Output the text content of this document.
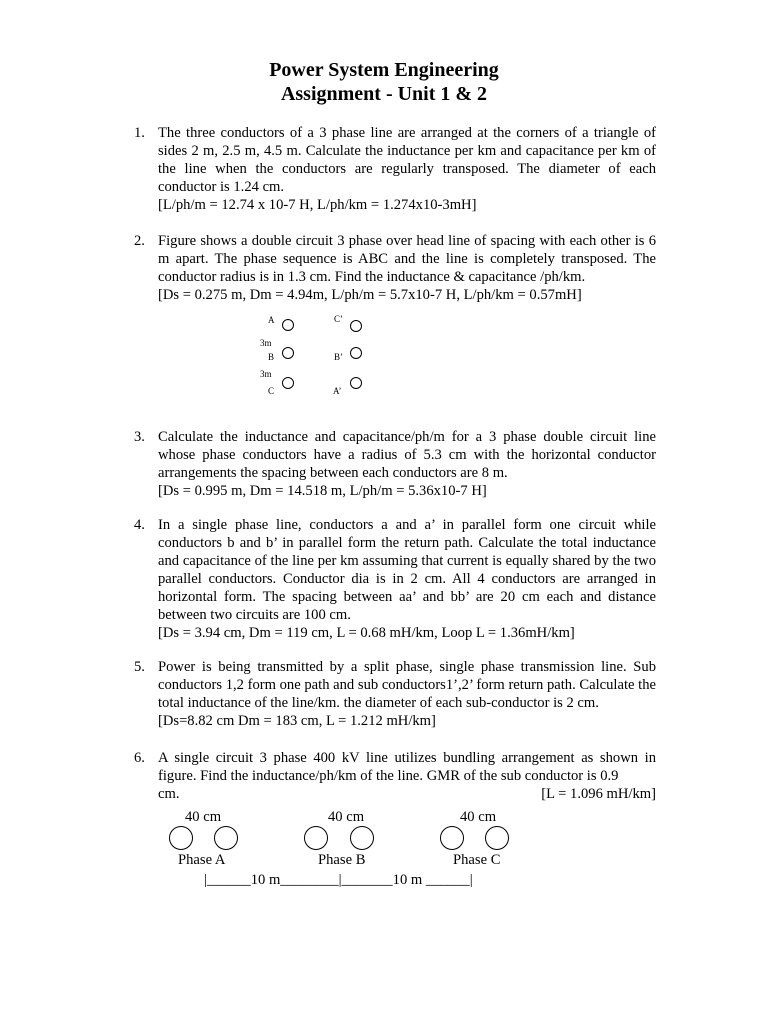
Power System Engineering
Assignment - Unit 1 & 2
1. The three conductors of a 3 phase line are arranged at the corners of a triangle of sides 2 m, 2.5 m, 4.5 m. Calculate the inductance per km and capacitance per km of the line when the conductors are regularly transposed. The diameter of each conductor is 1.24 cm.

[L/ph/m = 12.74 x 10-7 H, L/ph/km = 1.274x10-3mH]
2. Figure shows a double circuit 3 phase over head line of spacing with each other is 6 m apart. The phase sequence is ABC and the line is completely transposed. The conductor radius is in 1.3 cm. Find the inductance & capacitance /ph/km.

[Ds = 0.275 m, Dm = 4.94m, L/ph/m = 5.7x10-7 H, L/ph/km = 0.57mH]
A
B
C
3m
3m
C’
B’
A’
3. Calculate the inductance and capacitance/ph/m for a 3 phase double circuit line whose phase conductors have a radius of 5.3 cm with the horizontal conductor arrangements the spacing between each conductors are 8 m.

[Ds = 0.995 m, Dm = 14.518 m, L/ph/m = 5.36x10-7 H]
4. In a single phase line, conductors a and a’ in parallel form one circuit while conductors b and b’ in parallel form the return path. Calculate the total inductance and capacitance of the line per km assuming that current is equally shared by the two parallel conductors. Conductor dia is in 2 cm. All 4 conductors are arranged in horizontal form. The spacing between aa’ and bb’ are 20 cm each and distance between two circuits are 100 cm.

[Ds = 3.94 cm, Dm = 119 cm, L = 0.68 mH/km, Loop L = 1.36mH/km]
5. Power is being transmitted by a split phase, single phase transmission line. Sub conductors 1,2 form one path and sub conductors1’,2’ form return path. Calculate the total inductance of the line/km. the diameter of each sub-conductor is 2 cm.

[Ds=8.82 cm Dm = 183 cm, L = 1.212 mH/km]
6. A single circuit 3 phase 400 kV line utilizes bundling arrangement as shown in figure. Find the inductance/ph/km of the line. GMR of the sub conductor is 0.9

cm.	[L = 1.096 mH/km]
40 cm	40 cm	40 cm
Phase A	Phase B	Phase C
|______10 m________|_______10 m ______|
